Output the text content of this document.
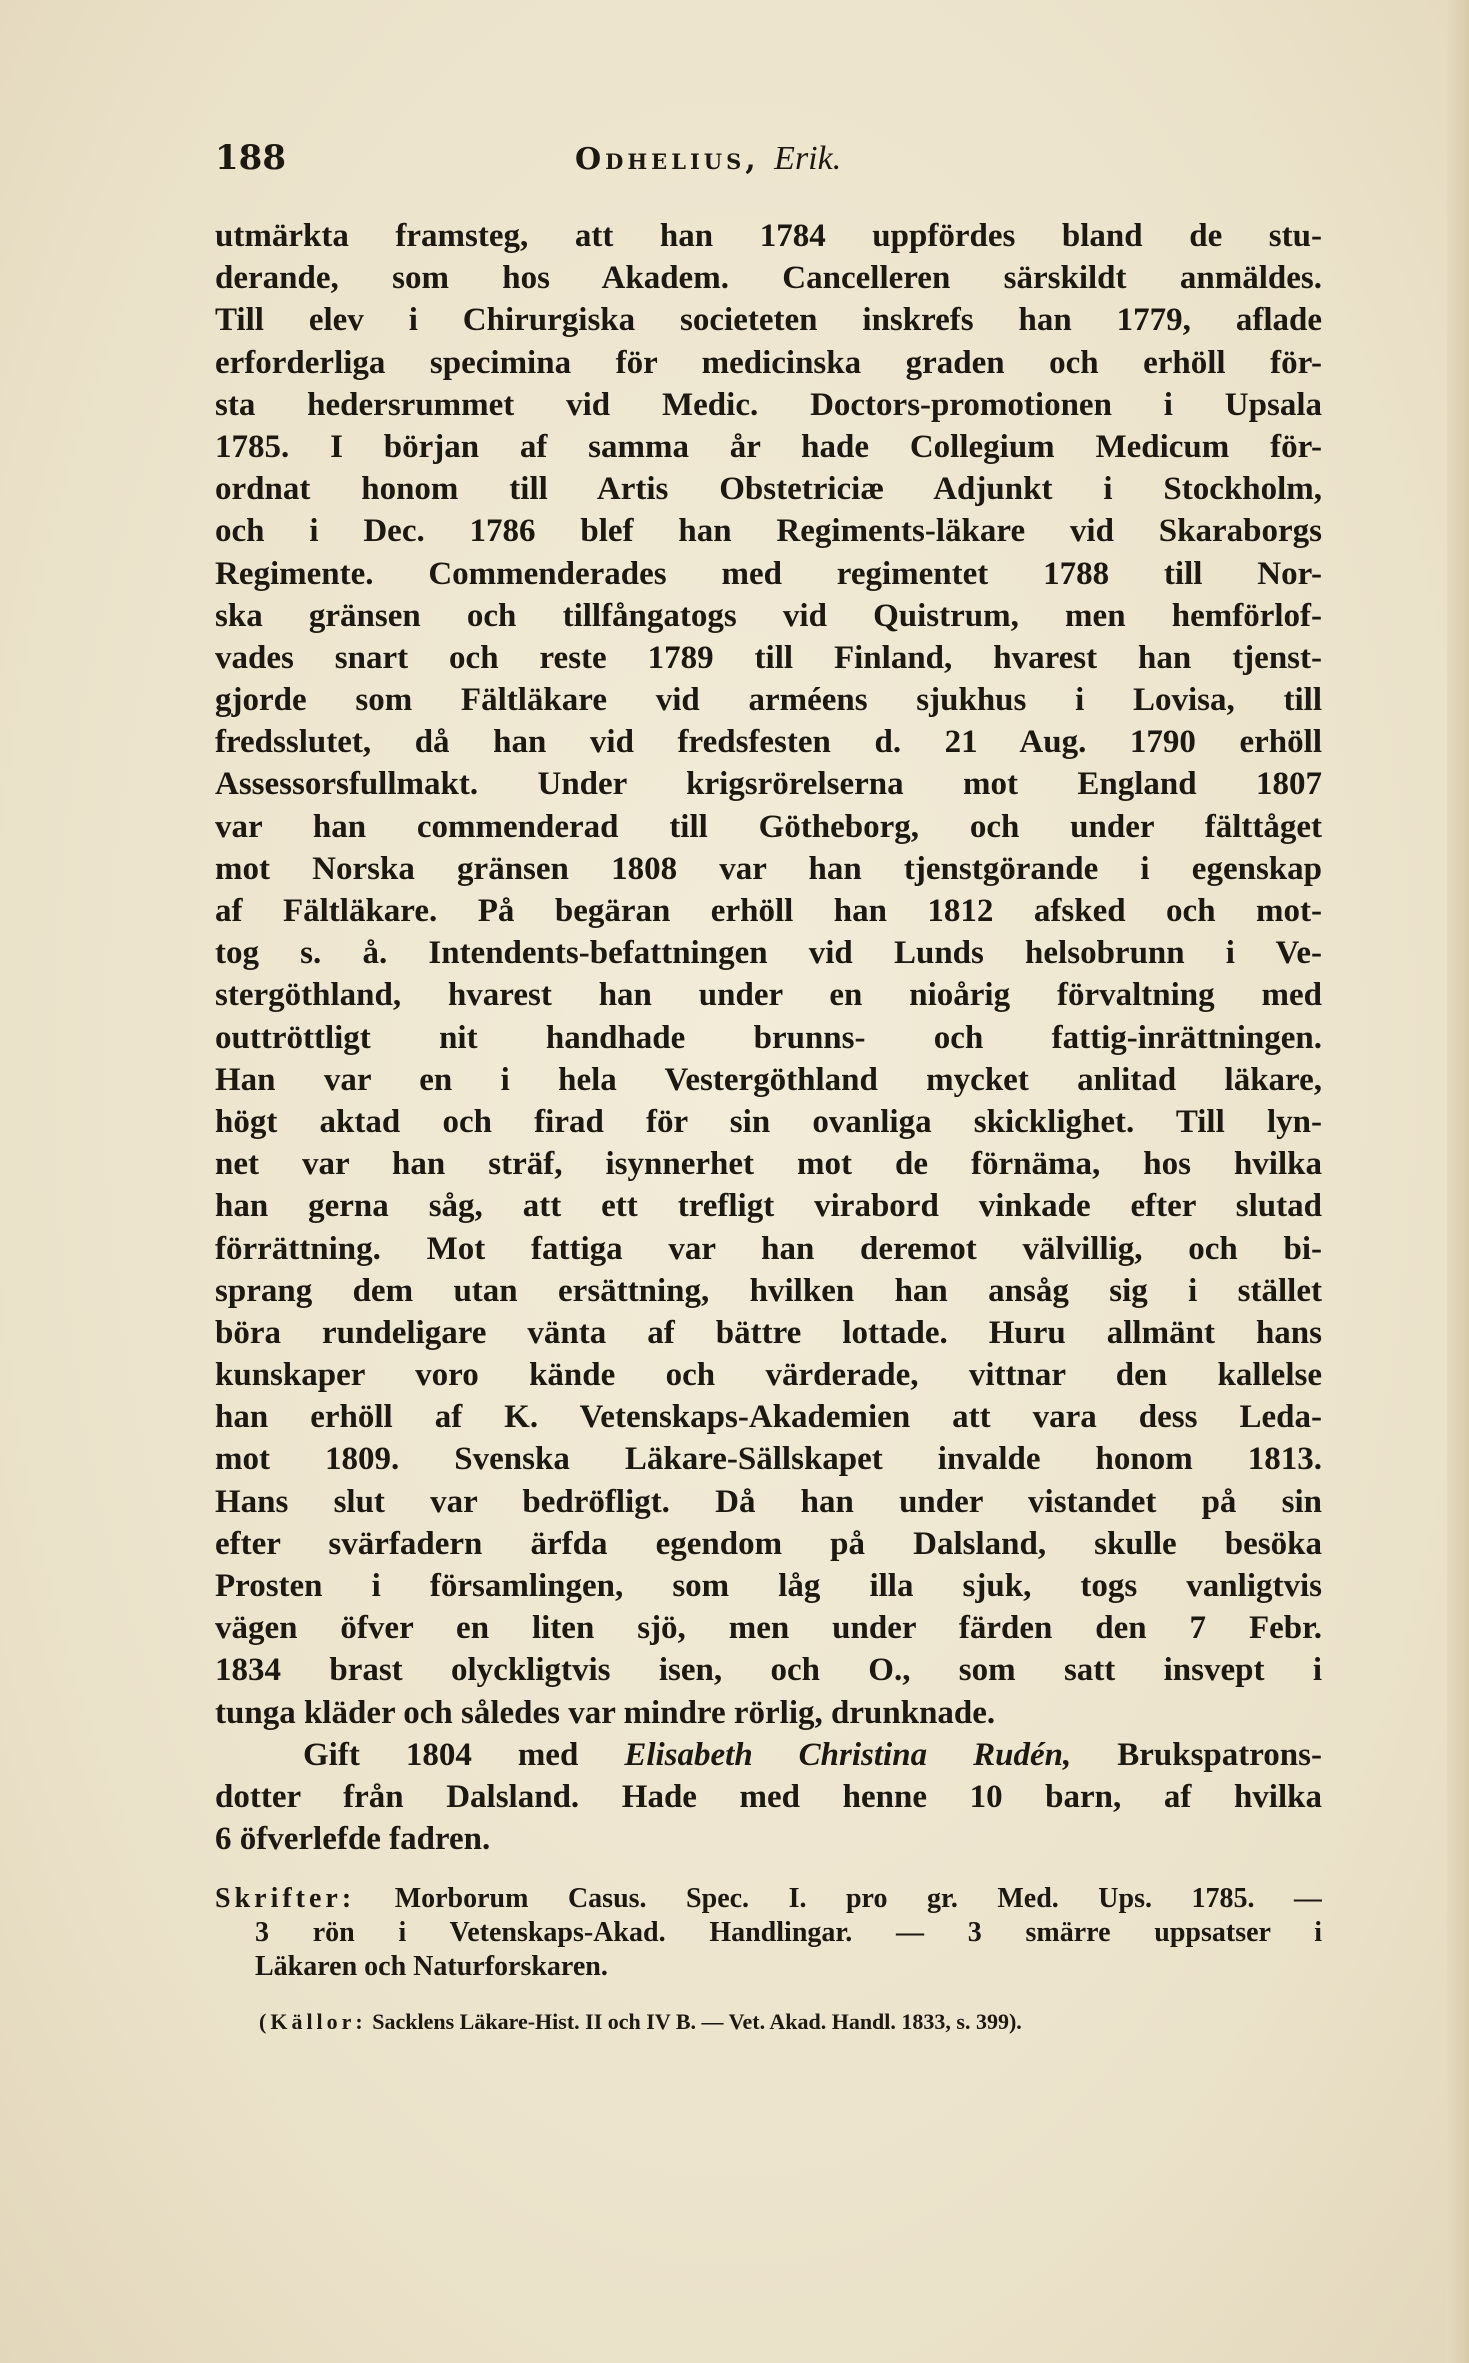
188	Odhelius, Erik.
utmärkta framsteg, att han 1784 uppfördes bland de stu-
derande, som hos Akadem. Cancelleren särskildt anmäldes.
Till elev i Chirurgiska societeten inskrefs han 1779, aflade
erforderliga specimina för medicinska graden och erhöll för-
sta hedersrummet vid Medic. Doctors-promotionen i Upsala
1785. I början af samma år hade Collegium Medicum för-
ordnat honom till Artis Obstetriciæ Adjunkt i Stockholm,
och i Dec. 1786 blef han Regiments-läkare vid Skaraborgs
Regimente. Commenderades med regimentet 1788 till Nor-
ska gränsen och tillfångatogs vid Quistrum, men hemförlof-
vades snart och reste 1789 till Finland, hvarest han tjenst-
gjorde som Fältläkare vid arméens sjukhus i Lovisa, till
fredsslutet, då han vid fredsfesten d. 21 Aug. 1790 erhöll
Assessorsfullmakt. Under krigsrörelserna mot England 1807
var han commenderad till Götheborg, och under fälttåget
mot Norska gränsen 1808 var han tjenstgörande i egenskap
af Fältläkare. På begäran erhöll han 1812 afsked och mot-
tog s. å. Intendents-befattningen vid Lunds helsobrunn i Ve-
stergöthland, hvarest han under en nioårig förvaltning med
outtröttligt nit handhade brunns- och fattig-inrättningen.
Han var en i hela Vestergöthland mycket anlitad läkare,
högt aktad och firad för sin ovanliga skicklighet. Till lyn-
net var han sträf, isynnerhet mot de förnäma, hos hvilka
han gerna såg, att ett trefligt virabord vinkade efter slutad
förrättning. Mot fattiga var han deremot välvillig, och bi-
sprang dem utan ersättning, hvilken han ansåg sig i stället
böra rundeligare vänta af bättre lottade. Huru allmänt hans
kunskaper voro kände och värderade, vittnar den kallelse
han erhöll af K. Vetenskaps-Akademien att vara dess Leda-
mot 1809. Svenska Läkare-Sällskapet invalde honom 1813.
Hans slut var bedröfligt. Då han under vistandet på sin
efter svärfadern ärfda egendom på Dalsland, skulle besöka
Prosten i församlingen, som låg illa sjuk, togs vanligtvis
vägen öfver en liten sjö, men under färden den 7 Febr.
1834 brast olyckligtvis isen, och O., som satt insvept i
tunga kläder och således var mindre rörlig, drunknade.
Gift 1804 med Elisabeth Christina Rudén, Brukspatrons-
dotter från Dalsland. Hade med henne 10 barn, af hvilka
6 öfverlefde fadren.
Skrifter: Morborum Casus. Spec. I. pro gr. Med. Ups. 1785. —
3 rön i Vetenskaps-Akad. Handlingar. — 3 smärre uppsatser i
Läkaren och Naturforskaren.
(Källor: Sacklens Läkare-Hist. II och IV B. — Vet. Akad. Handl. 1833, s. 399).
